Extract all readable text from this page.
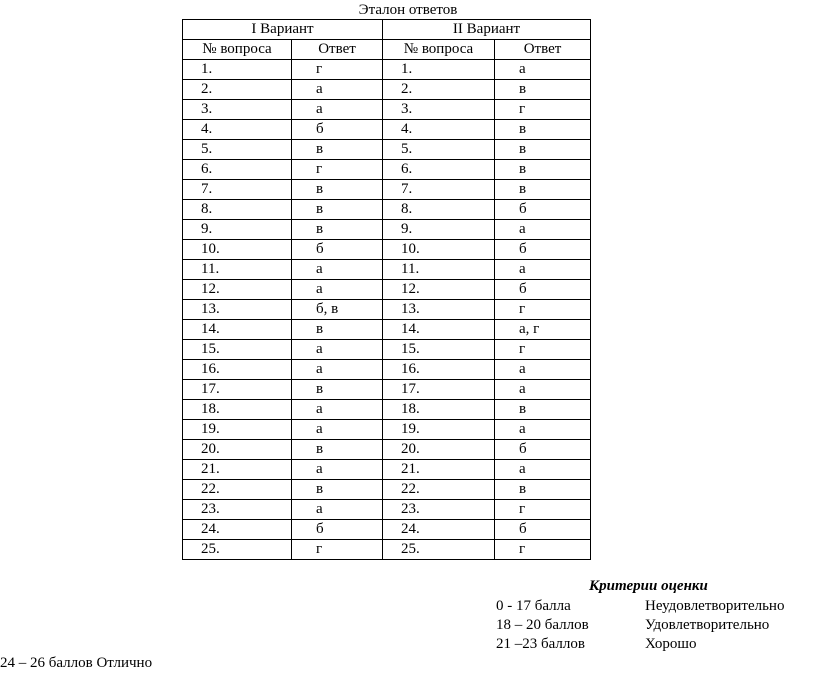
Эталон ответов
I Вариант		II Вариант	
№ вопроса	Ответ	№ вопроса	Ответ
1.	г	1.	а
2.	а	2.	в
3.	а	3.	г
4.	б	4.	в
5.	в	5.	в
6.	г	6.	в
7.	в	7.	в
8.	в	8.	б
9.	в	9.	а
10.	б	10.	б
11.	а	11.	а
12.	а	12.	б
13.	б, в	13.	г
14.	в	14.	а, г
15.	а	15.	г
16.	а	16.	а
17.	в	17.	а
18.	а	18.	в
19.	а	19.	а
20.	в	20.	б
21.	а	21.	а
22.	в	22.	в
23.	а	23.	г
24.	б	24.	б
25.	г	25.	г
Критерии оценки
0 - 17 балла	Неудовлетворительно
18 – 20 баллов	Удовлетворительно
21 –23 баллов	Хорошо
24 – 26 баллов Отлично
